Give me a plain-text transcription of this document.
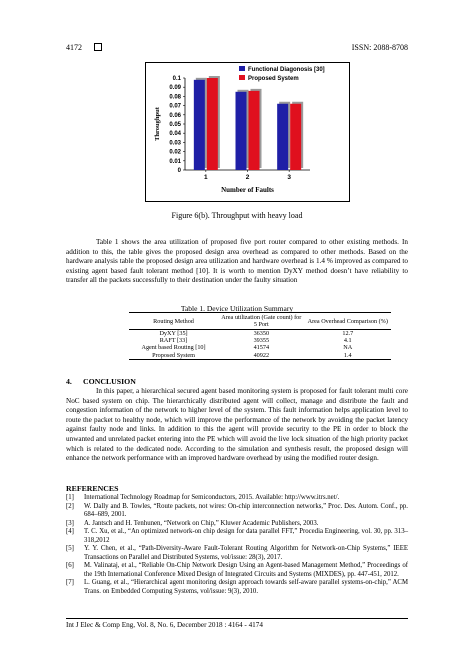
4172	ISSN: 2088-8708
0
0.01
0.02
0.03
0.04
0.05
0.06
0.07
0.08
0.09
0.1
1	2	3
Number of Faults
Throughput
Functional Diagonosis [30]
Proposed System
Figure 6(b). Throughput with heavy load

Table 1 shows the area utilization of proposed five port router compared to other existing methods. In addition to this, the table gives the proposed design area overhead as compared to other methods. Based on the hardware analysis table the proposed design area utilization and hardware overhead is 1.4 % improved as compared to existing agent based fault tolerant method [10]. It is worth to mention DyXY method doesn’t have reliability to transfer all the packets successfully to their destination under the faulty situation

Table 1. Device Utilization Summary
Routing Method	Area utilization (Gate count) for 5 Port	Area Overhead Comparison (%)
DyXY [35]	36350	12.7
RAFT [33]	39355	4.1
Agent based Routing [10]	41574	NA
Proposed System	40922	1.4
4. CONCLUSION

In this paper, a hierarchical secured agent based monitoring system is proposed for fault tolerant multi core NoC based system on chip. The hierarchically distributed agent will collect, manage and distribute the fault and congestion information of the network to higher level of the system. This fault information helps application level to route the packet to healthy node, which will improve the performance of the network by avoiding the packet latency against faulty node and links. In addition to this the agent will provide security to the PE in order to block the unwanted and unrelated packet entering into the PE which will avoid the live lock situation of the high priority packet which is related to the dedicated node. According to the simulation and synthesis result, the proposed design will enhance the network performance with an improved hardware overhead by using the modified router design.

REFERENCES
[1] International Technology Roadmap for Semiconductors, 2015. Available: http://www.itrs.net/.
[2] W. Dally and B. Towles, “Route packets, not wires: On-chip interconnection networks,” Proc. Des. Autom. Conf., pp. 684–689, 2001.
[3] A. Jantsch and H. Tenhunen, “Network on Chip,” Kluwer Academic Publishers, 2003.
[4] T. C. Xu, et al., “An optimized network-on chip design for data parallel FFT,” Procedia Engineering, vol. 30, pp. 313–318,2012
[5] Y. Y. Chen, et al., “Path-Diversity-Aware Fault-Tolerant Routing Algorithm for Network-on-Chip Systems,” IEEE Transactions on Parallel and Distributed Systems, vol/issue: 28(3), 2017.
[6] M. Valinataj, et al., “Reliable On-Chip Network Design Using an Agent-based Management Method,” Proceedings of the 19th International Conference Mixed Design of Integrated Circuits and Systems (MIXDES), pp. 447-451, 2012.
[7] L. Guang, et al., “Hierarchical agent monitoring design approach towards self-aware parallel systems-on-chip,” ACM Trans. on Embedded Computing Systems, vol/issue: 9(3), 2010.
Int J Elec & Comp Eng, Vol. 8, No. 6, December 2018 : 4164 - 4174
